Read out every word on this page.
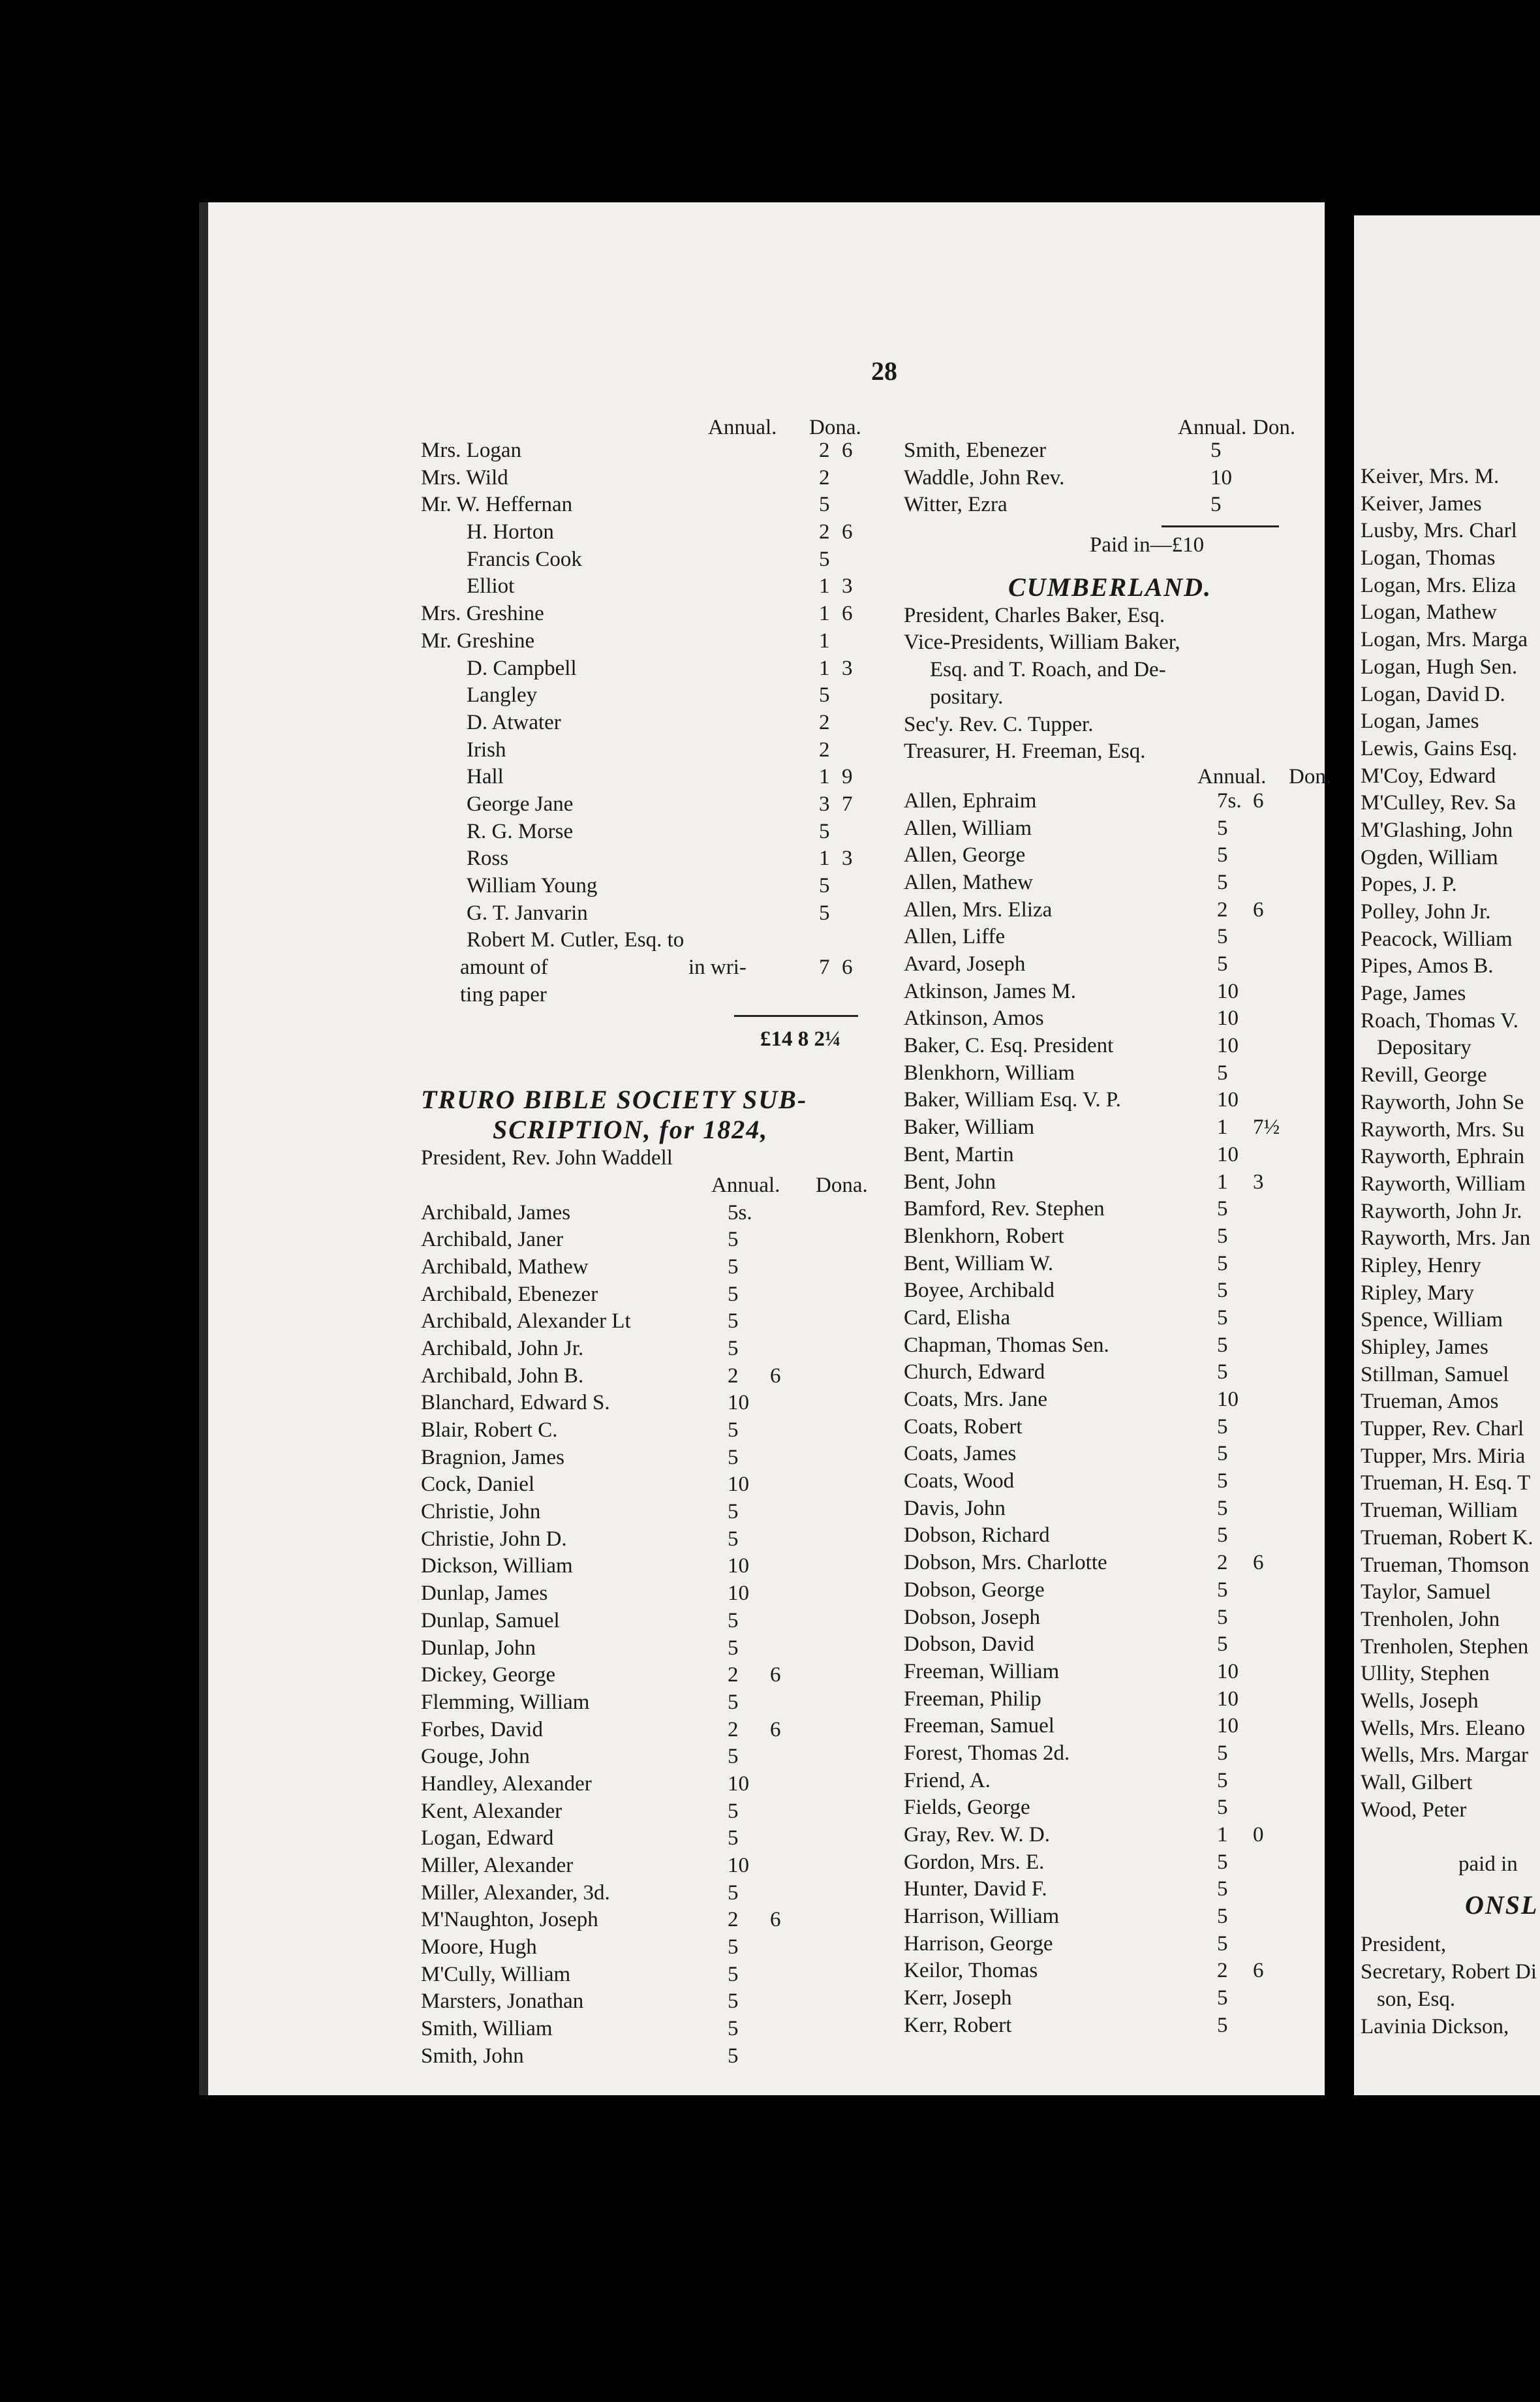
28
Annual. Dona.
Mrs. Logan	2 6
Mrs. Wild	2
Mr. W. Heffernan	5
H. Horton	2 6
Francis Cook	5
Elliot	1 3
Mrs. Greshine	1 6
Mr. Greshine	1
D. Campbell	1 3
Langley	5
D. Atwater	2
Irish	2
Hall	1 9
George Jane	3 7
R. G. Morse	5
Ross	1 3
William Young	5
G. T. Janvarin	5
Robert M. Cutler, Esq. to
amount of	in wri-	7 6
ting paper
£14 8 2¼
TRURO BIBLE SOCIETY SUB-
SCRIPTION, for 1824,
President, Rev. John Waddell
Annual. Dona.
Archibald, James	5s.
Archibald, Janer	5
Archibald, Mathew	5
Archibald, Ebenezer	5
Archibald, Alexander Lt	5
Archibald, John Jr.	5
Archibald, John B.	2 6
Blanchard, Edward S.	10
Blair, Robert C.	5
Bragnion, James	5
Cock, Daniel	10
Christie, John	5
Christie, John D.	5
Dickson, William	10
Dunlap, James	10
Dunlap, Samuel	5
Dunlap, John	5
Dickey, George	2 6
Flemming, William	5
Forbes, David	2 6
Gouge, John	5
Handley, Alexander	10
Kent, Alexander	5
Logan, Edward	5
Miller, Alexander	10
Miller, Alexander, 3d.	5
M'Naughton, Joseph	2 6
Moore, Hugh	5
M'Cully, William	5
Marsters, Jonathan	5
Smith, William	5
Smith, John	5
Annual. Don.
Smith, Ebenezer	5
Waddle, John Rev.	10
Witter, Ezra	5
Paid in—£10
CUMBERLAND.
President, Charles Baker, Esq.
Vice-Presidents, William Baker,
Esq. and T. Roach, and De-
positary.
Sec'y. Rev. C. Tupper.
Treasurer, H. Freeman, Esq.
Annual. Don.
Allen, Ephraim	7s. 6
Allen, William	5
Allen, George	5
Allen, Mathew	5
Allen, Mrs. Eliza	2 6
Allen, Liffe	5
Avard, Joseph	5
Atkinson, James M.	10
Atkinson, Amos	10
Baker, C. Esq. President	10
Blenkhorn, William	5
Baker, William Esq. V. P.	10
Baker, William	1 7½
Bent, Martin	10
Bent, John	1 3
Bamford, Rev. Stephen	5
Blenkhorn, Robert	5
Bent, William W.	5
Boyee, Archibald	5
Card, Elisha	5
Chapman, Thomas Sen.	5
Church, Edward	5
Coats, Mrs. Jane	10
Coats, Robert	5
Coats, James	5
Coats, Wood	5
Davis, John	5
Dobson, Richard	5
Dobson, Mrs. Charlotte	2 6
Dobson, George	5
Dobson, Joseph	5
Dobson, David	5
Freeman, William	10
Freeman, Philip	10
Freeman, Samuel	10
Forest, Thomas 2d.	5
Friend, A.	5
Fields, George	5
Gray, Rev. W. D.	1 0
Gordon, Mrs. E.	5
Hunter, David F.	5
Harrison, William	5
Harrison, George	5
Keilor, Thomas	2 6
Kerr, Joseph	5
Kerr, Robert	5
Keiver, Mrs. M.
Keiver, James
Lusby, Mrs. Charl
Logan, Thomas
Logan, Mrs. Eliza
Logan, Mathew
Logan, Mrs. Marga
Logan, Hugh Sen.
Logan, David D.
Logan, James
Lewis, Gains Esq.
M'Coy, Edward
M'Culley, Rev. Sa
M'Glashing, John
Ogden, William
Popes, J. P.
Polley, John Jr.
Peacock, William
Pipes, Amos B.
Page, James
Roach, Thomas V.
Depositary
Revill, George
Rayworth, John Se
Rayworth, Mrs. Su
Rayworth, Ephrain
Rayworth, William
Rayworth, John Jr.
Rayworth, Mrs. Jan
Ripley, Henry
Ripley, Mary
Spence, William
Shipley, James
Stillman, Samuel
Trueman, Amos
Tupper, Rev. Charl
Tupper, Mrs. Miria
Trueman, H. Esq. T
Trueman, William
Trueman, Robert K.
Trueman, Thomson
Taylor, Samuel
Trenholen, John
Trenholen, Stephen
Ullity, Stephen
Wells, Joseph
Wells, Mrs. Eleano
Wells, Mrs. Margar
Wall, Gilbert
Wood, Peter
paid in
ONSL
President,
Secretary, Robert Di
son, Esq.
Lavinia Dickson,
